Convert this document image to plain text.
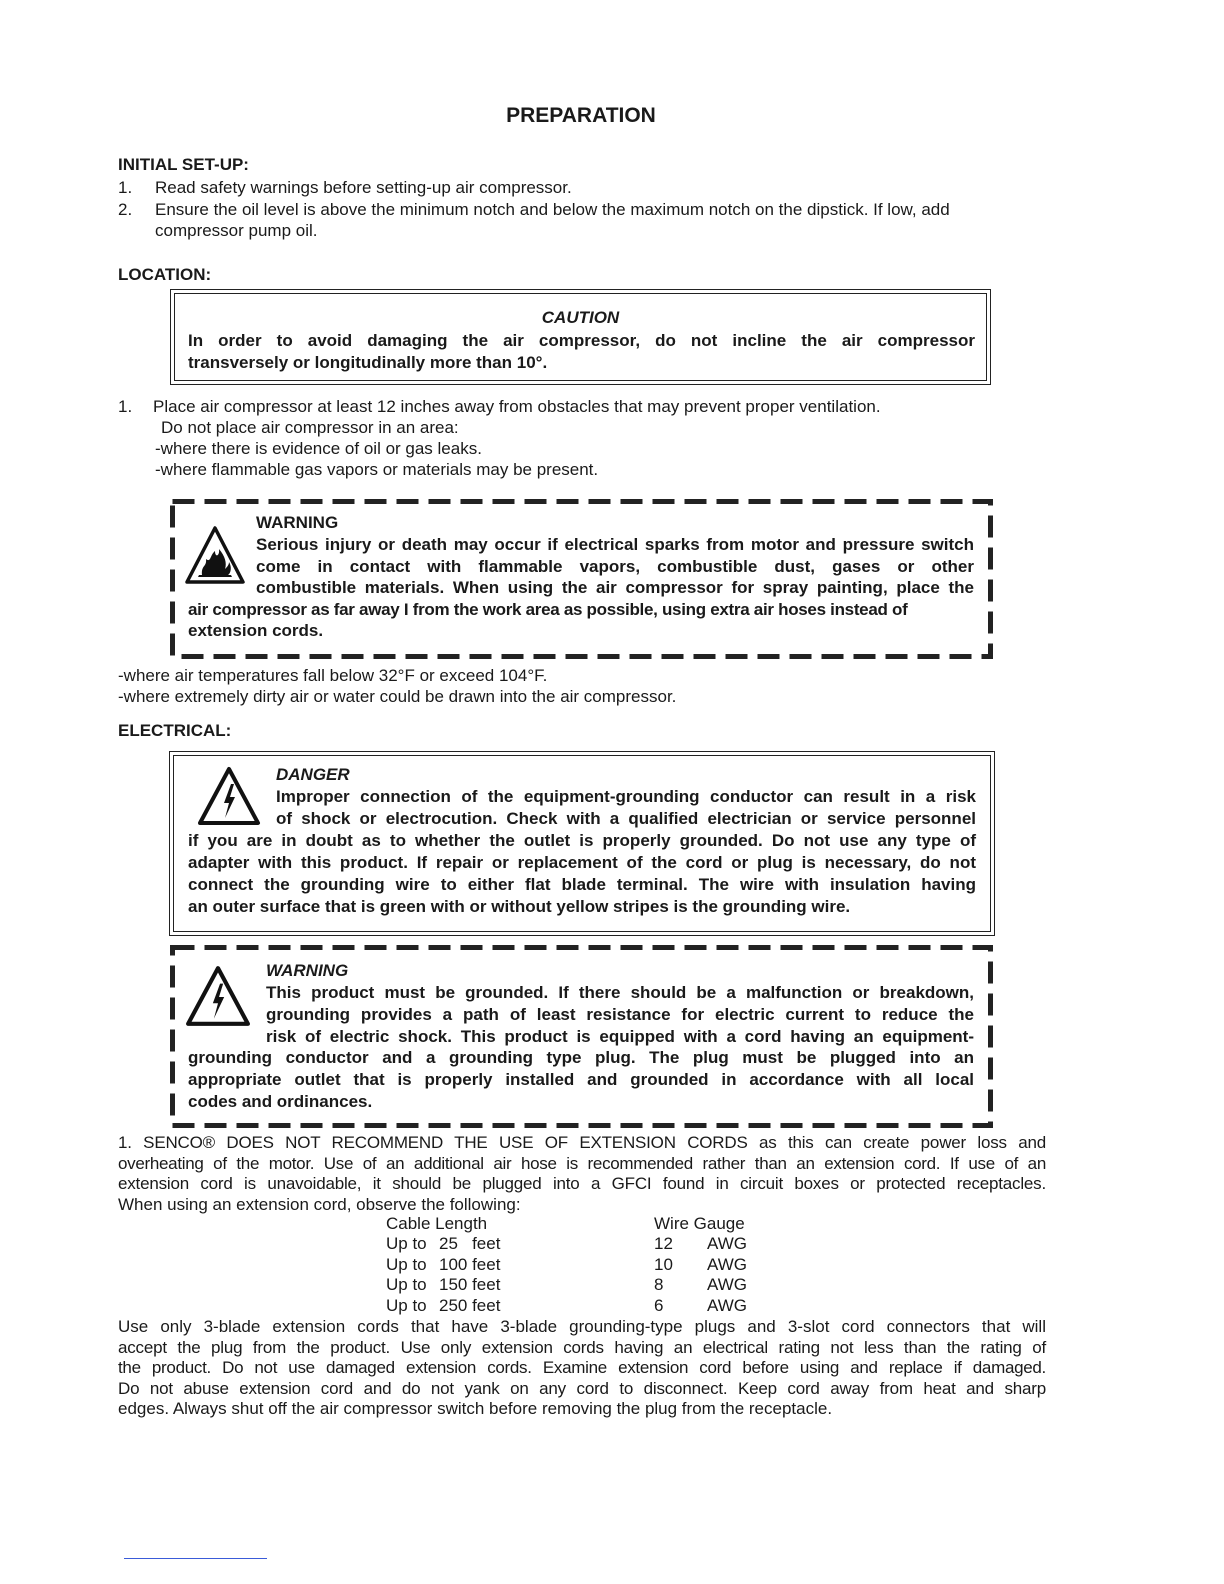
PREPARATION
INITIAL SET-UP:
1. Read safety warnings before setting-up air compressor.
2. Ensure the oil level is above the minimum notch and below the maximum notch on the dipstick. If low, add
compressor pump oil.
LOCATION:
CAUTION
In order to avoid damaging the air compressor, do not incline the air compressor
transversely or longitudinally more than 10°.
1. Place air compressor at least 12 inches away from obstacles that may prevent proper ventilation.
Do not place air compressor in an area:
-where there is evidence of oil or gas leaks.
-where flammable gas vapors or materials may be present.
WARNING
Serious injury or death may occur if electrical sparks from motor and pressure switch
come in contact with flammable vapors, combustible dust, gases or other
combustible materials. When using the air compressor for spray painting, place the
air compressor as far away I from the work area as possible, using extra air hoses instead of
extension cords.
-where air temperatures fall below 32°F or exceed 104°F.
-where extremely dirty air or water could be drawn into the air compressor.
ELECTRICAL:
DANGER
Improper connection of the equipment-grounding conductor can result in a risk
of shock or electrocution. Check with a qualified electrician or service personnel
if you are in doubt as to whether the outlet is properly grounded. Do not use any type of
adapter with this product. If repair or replacement of the cord or plug is necessary, do not
connect the grounding wire to either flat blade terminal. The wire with insulation having
an outer surface that is green with or without yellow stripes is the grounding wire.
WARNING
This product must be grounded. If there should be a malfunction or breakdown,
grounding provides a path of least resistance for electric current to reduce the
risk of electric shock. This product is equipped with a cord having an equipment-
grounding conductor and a grounding type plug. The plug must be plugged into an
appropriate outlet that is properly installed and grounded in accordance with all local
codes and ordinances.
1. SENCO® DOES NOT RECOMMEND THE USE OF EXTENSION CORDS as this can create power loss and
overheating of the motor. Use of an additional air hose is recommended rather than an extension cord. If use of an
extension cord is unavoidable, it should be plugged into a GFCI found in circuit boxes or protected receptacles.
When using an extension cord, observe the following:
Cable Length		Wire Gauge	
Up to	25   feet	12	AWG
Up to	100 feet	10	AWG
Up to	150 feet	8	AWG
Up to	250 feet	6	AWG
Use only 3-blade extension cords that have 3-blade grounding-type plugs and 3-slot cord connectors that will
accept the plug from the product. Use only extension cords having an electrical rating not less than the rating of
the product. Do not use damaged extension cords. Examine extension cord before using and replace if damaged.
Do not abuse extension cord and do not yank on any cord to disconnect. Keep cord away from heat and sharp
edges. Always shut off the air compressor switch before removing the plug from the receptacle.
